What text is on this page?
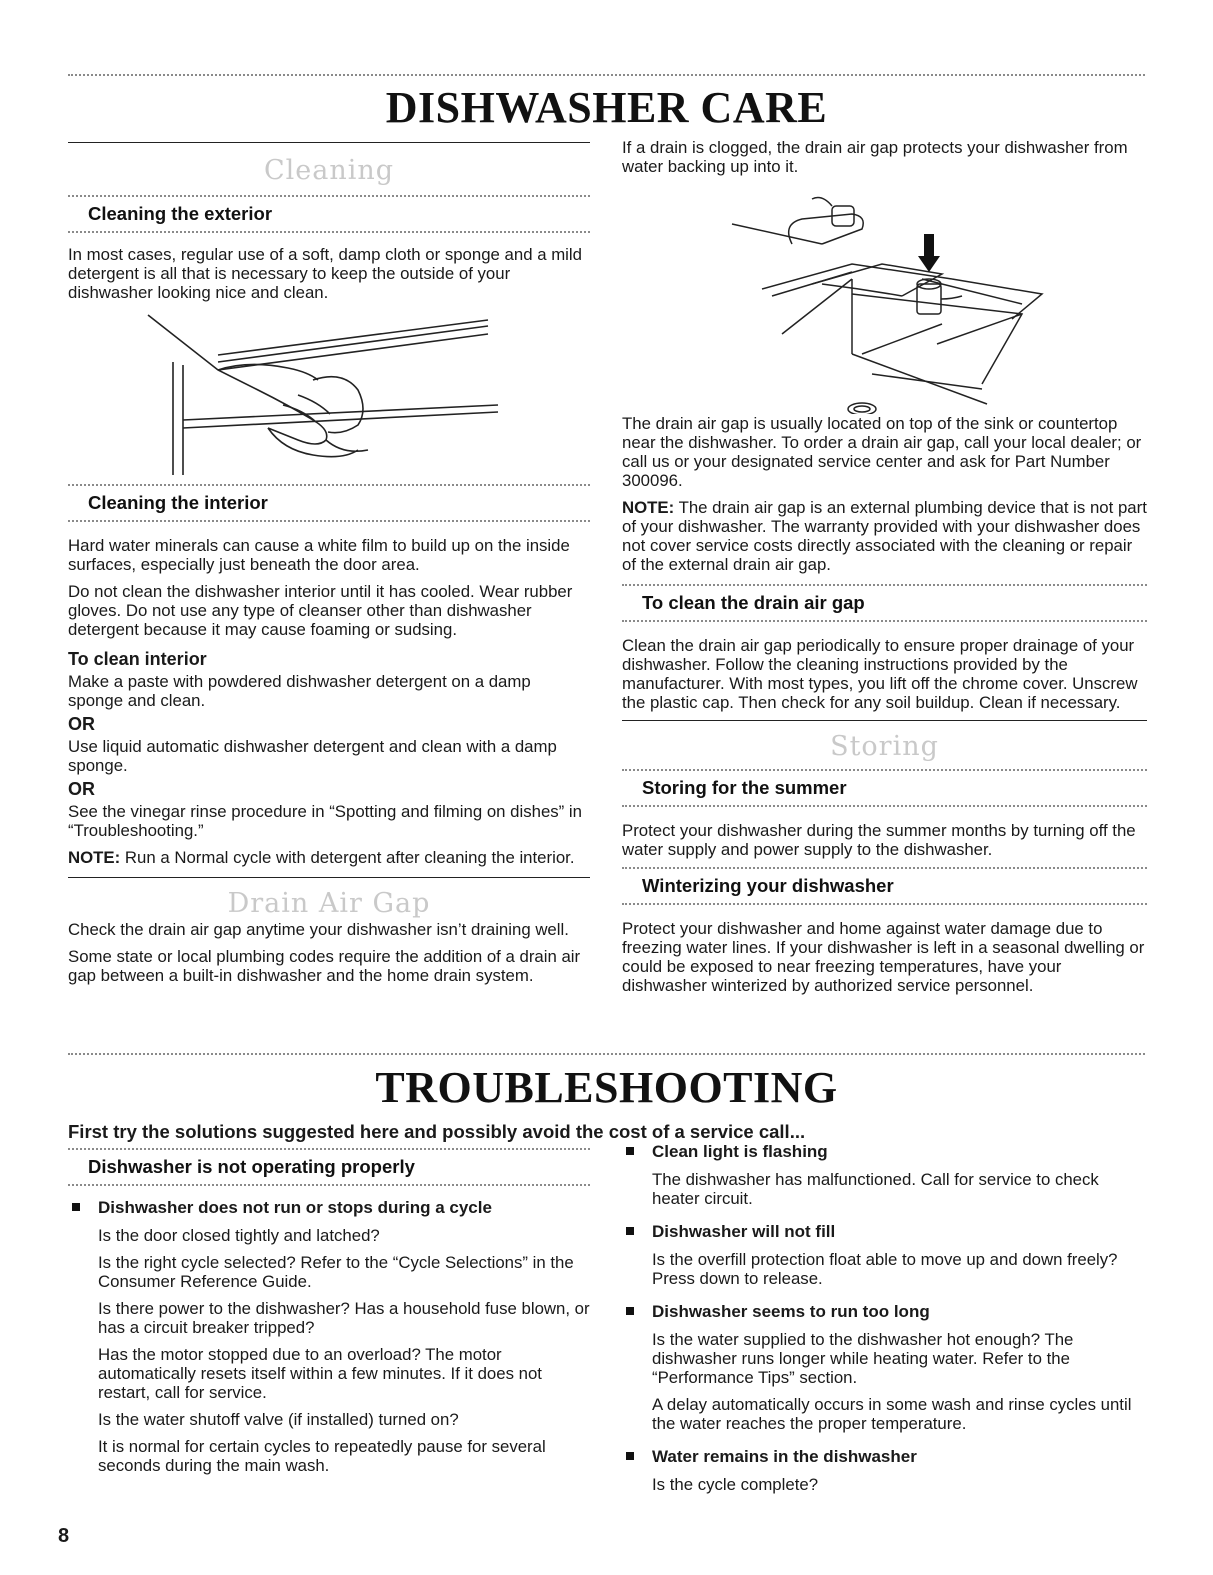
DISHWASHER CARE
Cleaning
Cleaning the exterior

In most cases, regular use of a soft, damp cloth or sponge and a mild detergent is all that is necessary to keep the outside of your dishwasher looking nice and clean.

Cleaning the interior

Hard water minerals can cause a white film to build up on the inside surfaces, especially just beneath the door area.

Do not clean the dishwasher interior until it has cooled. Wear rubber gloves. Do not use any type of cleanser other than dishwasher detergent because it may cause foaming or sudsing.

To clean interior

Make a paste with powdered dishwasher detergent on a damp sponge and clean.

OR

Use liquid automatic dishwasher detergent and clean with a damp sponge.

OR

See the vinegar rinse procedure in “Spotting and filming on dishes” in “Troubleshooting.”

NOTE: Run a Normal cycle with detergent after cleaning the interior.

Drain Air Gap

Check the drain air gap anytime your dishwasher isn’t draining well.

Some state or local plumbing codes require the addition of a drain air gap between a built-in dishwasher and the home drain system.

If a drain is clogged, the drain air gap protects your dishwasher from water backing up into it.

The drain air gap is usually located on top of the sink or countertop near the dishwasher. To order a drain air gap, call your local dealer; or call us or your designated service center and ask for Part Number 300096.

NOTE: The drain air gap is an external plumbing device that is not part of your dishwasher. The warranty provided with your dishwasher does not cover service costs directly associated with the cleaning or repair of the external drain air gap.

To clean the drain air gap

Clean the drain air gap periodically to ensure proper drainage of your dishwasher. Follow the cleaning instructions provided by the manufacturer. With most types, you lift off the chrome cover. Unscrew the plastic cap. Then check for any soil buildup. Clean if necessary.

Storing
Storing for the summer

Protect your dishwasher during the summer months by turning off the water supply and power supply to the dishwasher.

Winterizing your dishwasher

Protect your dishwasher and home against water damage due to freezing water lines. If your dishwasher is left in a seasonal dwelling or could be exposed to near freezing temperatures, have your dishwasher winterized by authorized service personnel.

TROUBLESHOOTING
First try the solutions suggested here and possibly avoid the cost of a service call...
Dishwasher is not operating properly
Dishwasher does not run or stops during a cycle

Is the door closed tightly and latched?

Is the right cycle selected? Refer to the “Cycle Selections” in the Consumer Reference Guide.

Is there power to the dishwasher? Has a household fuse blown, or has a circuit breaker tripped?

Has the motor stopped due to an overload? The motor automatically resets itself within a few minutes. If it does not restart, call for service.

Is the water shutoff valve (if installed) turned on?

It is normal for certain cycles to repeatedly pause for several seconds during the main wash.

Clean light is flashing

The dishwasher has malfunctioned. Call for service to check heater circuit.

Dishwasher will not fill

Is the overfill protection float able to move up and down freely? Press down to release.

Dishwasher seems to run too long

Is the water supplied to the dishwasher hot enough? The dishwasher runs longer while heating water. Refer to the “Performance Tips” section.

A delay automatically occurs in some wash and rinse cycles until the water reaches the proper temperature.

Water remains in the dishwasher

Is the cycle complete?

8
